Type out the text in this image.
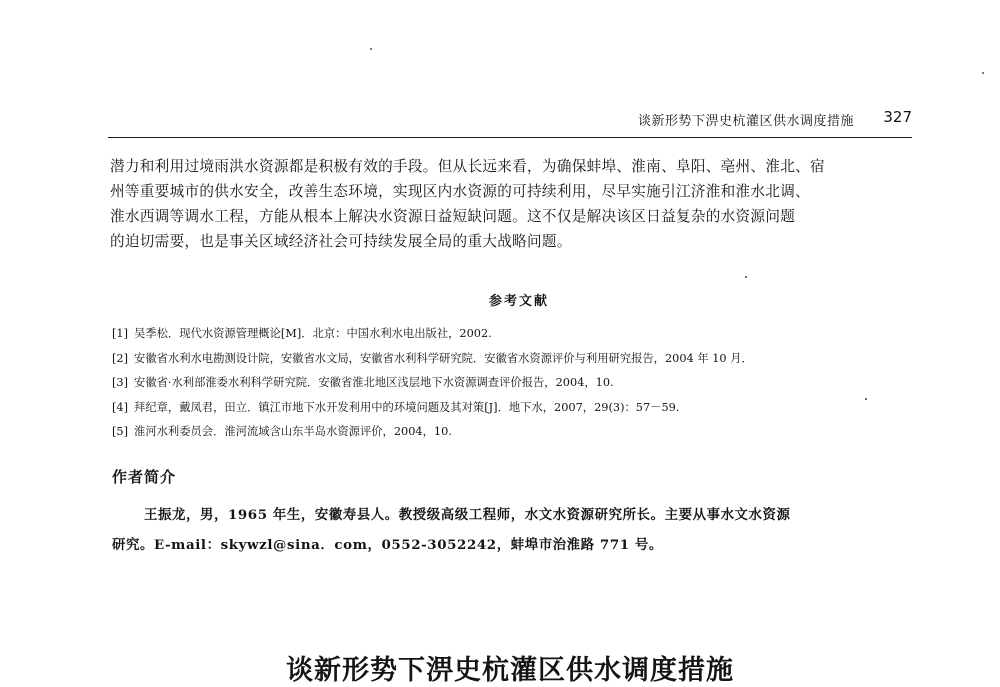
谈新形势下淠史杭灌区供水调度措施 327
潜力和利用过境雨洪水资源都是积极有效的手段。但从长远来看，为确保蚌埠、淮南、阜阳、亳州、淮北、宿
州等重要城市的供水安全，改善生态环境，实现区内水资源的可持续利用，尽早实施引江济淮和淮水北调、
淮水西调等调水工程，方能从根本上解决水资源日益短缺问题。这不仅是解决该区日益复杂的水资源问题
的迫切需要，也是事关区域经济社会可持续发展全局的重大战略问题。
参考文献
[1] 吴季松．现代水资源管理概论[M]．北京：中国水利水电出版社，2002.
[2] 安徽省水利水电勘测设计院，安徽省水文局，安徽省水利科学研究院．安徽省水资源评价与利用研究报告，2004 年 10 月．
[3] 安徽省·水利部淮委水利科学研究院．安徽省淮北地区浅层地下水资源调查评价报告，2004，10.
[4] 拜纪章，戴凤君，田立．镇江市地下水开发利用中的环境问题及其对策[J]．地下水，2007，29(3)：57－59.
[5] 淮河水利委员会．淮河流域含山东半岛水资源评价，2004，10.
作者简介
王振龙，男，1965 年生，安徽寿县人。教授级高级工程师，水文水资源研究所长。主要从事水文水资源
研究。E-mail：skywzl@sina．com，0552-3052242，蚌埠市治淮路 771 号。
谈新形势下淠史杭灌区供水调度措施
